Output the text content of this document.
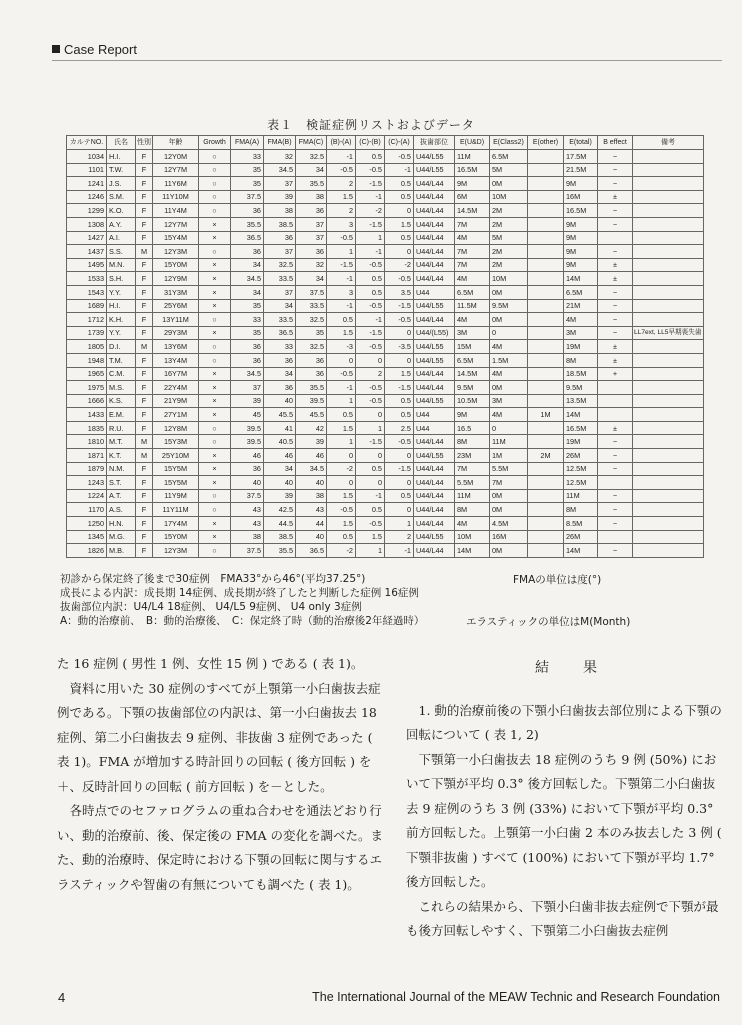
Case Report
表１　検証症例リストおよびデータ
カルテNO.	氏名	性別	年齢	Growth	FMA(A)	FMA(B)	FMA(C)	(B)-(A)	(C)-(B)	(C)-(A)	抜歯部位	E(U&D)	E(Class2)	E(other)	E(total)	B effect	備考
1034	H.I.	F	12Y0M	○	33	32	32.5	-1	0.5	-0.5	U44/L55	11M	6.5M		17.5M	−	
1101	T.W.	F	12Y7M	○	35	34.5	34	-0.5	-0.5	-1	U44/L55	16.5M	5M		21.5M	−	
1241	J.S.	F	11Y6M	○	35	37	35.5	2	-1.5	0.5	U44/L44	9M	0M		9M	−	
1246	S.M.	F	11Y10M	○	37.5	39	38	1.5	-1	0.5	U44/L44	6M	10M		16M	±	
1299	K.O.	F	11Y4M	○	36	38	36	2	-2	0	U44/L44	14.5M	2M		16.5M	−	
1308	A.Y.	F	12Y7M	×	35.5	38.5	37	3	-1.5	1.5	U44/L44	7M	2M		9M	−	
1427	A.I.	F	15Y4M	×	36.5	36	37	-0.5	1	0.5	U44/L44	4M	5M		9M		
1437	S.S.	M	12Y3M	○	36	37	36	1	-1	0	U44/L44	7M	2M		9M	−	
1495	M.N.	F	15Y0M	×	34	32.5	32	-1.5	-0.5	-2	U44/L44	7M	2M		9M	±	
1533	S.H.	F	12Y9M	×	34.5	33.5	34	-1	0.5	-0.5	U44/L44	4M	10M		14M	±	
1543	Y.Y.	F	31Y3M	×	34	37	37.5	3	0.5	3.5	U44	6.5M	0M		6.5M	−	
1689	H.I.	F	25Y6M	×	35	34	33.5	-1	-0.5	-1.5	U44/L55	11.5M	9.5M		21M	−	
1712	K.H.	F	13Y11M	○	33	33.5	32.5	0.5	-1	-0.5	U44/L44	4M	0M		4M	−	
1739	Y.Y.	F	29Y3M	×	35	36.5	35	1.5	-1.5	0	U44/(L55)	3M	0		3M	−	LL7ext, LL5早期喪失歯
1805	D.I.	M	13Y6M	○	36	33	32.5	-3	-0.5	-3.5	U44/L55	15M	4M		19M	±	
1948	T.M.	F	13Y4M	○	36	36	36	0	0	0	U44/L55	6.5M	1.5M		8M	±	
1965	C.M.	F	16Y7M	×	34.5	34	36	-0.5	2	1.5	U44/L44	14.5M	4M		18.5M	+	
1975	M.S.	F	22Y4M	×	37	36	35.5	-1	-0.5	-1.5	U44/L44	9.5M	0M		9.5M		
1666	K.S.	F	21Y9M	×	39	40	39.5	1	-0.5	0.5	U44/L55	10.5M	3M		13.5M		
1433	E.M.	F	27Y1M	×	45	45.5	45.5	0.5	0	0.5	U44	9M	4M	1M	14M		
1835	R.U.	F	12Y8M	○	39.5	41	42	1.5	1	2.5	U44	16.5	0		16.5M	±	
1810	M.T.	M	15Y3M	○	39.5	40.5	39	1	-1.5	-0.5	U44/L44	8M	11M		19M	−	
1871	K.T.	M	25Y10M	×	46	46	46	0	0	0	U44/L55	23M	1M	2M	26M	−	
1879	N.M.	F	15Y5M	×	36	34	34.5	-2	0.5	-1.5	U44/L44	7M	5.5M		12.5M	−	
1243	S.T.	F	15Y5M	×	40	40	40	0	0	0	U44/L44	5.5M	7M		12.5M		
1224	A.T.	F	11Y9M	○	37.5	39	38	1.5	-1	0.5	U44/L44	11M	0M		11M	−	
1170	A.S.	F	11Y11M	○	43	42.5	43	-0.5	0.5	0	U44/L44	8M	0M		8M	−	
1250	H.N.	F	17Y4M	×	43	44.5	44	1.5	-0.5	1	U44/L44	4M	4.5M		8.5M	−	
1345	M.G.	F	15Y0M	×	38	38.5	40	0.5	1.5	2	U44/L55	10M	16M		26M		
1826	M.B.	F	12Y3M	○	37.5	35.5	36.5	-2	1	-1	U44/L44	14M	0M		14M	−	
初診から保定終了後まで30症例　FMA33°から46°(平均37.25°)
成長による内訳：成長期 14症例、成長期が終了したと判断した症例 16症例
抜歯部位内訳：U4/L4 18症例、 U4/L5 9症例、 U4 only 3症例
A：動的治療前、　B：動的治療後、　C：保定終了時（動的治療後2年経過時）
FMAの単位は度(°)
エラスティックの単位はM(Month)

た 16 症例 ( 男性 1 例、女性 15 例 ) である ( 表 1)。

資料に用いた 30 症例のすべてが上顎第一小臼歯抜去症例である。下顎の抜歯部位の内訳は、第一小臼歯抜去 18 症例、第二小臼歯抜去 9 症例、非抜歯 3 症例であった ( 表 1)。FMA が増加する時計回りの回転 ( 後方回転 ) を＋、反時計回りの回転 ( 前方回転 ) を－とした。

各時点でのセファログラムの重ね合わせを通法どおり行い、動的治療前、後、保定後の FMA の変化を調べた。また、動的治療時、保定時における下顎の回転に関与するエラスティックや智歯の有無についても調べた ( 表 1)。

結果

1. 動的治療前後の下顎小臼歯抜去部位別による下顎の回転について ( 表 1, 2)

下顎第一小臼歯抜去 18 症例のうち 9 例 (50%) において下顎が平均 0.3° 後方回転した。下顎第二小臼歯抜去 9 症例のうち 3 例 (33%) において下顎が平均 0.3° 前方回転した。上顎第一小臼歯 2 本のみ抜去した 3 例 ( 下顎非抜歯 ) すべて (100%) において下顎が平均 1.7° 後方回転した。

これらの結果から、下顎小臼歯非抜去症例で下顎が最も後方回転しやすく、下顎第二小臼歯抜去症例

4	The International Journal of the MEAW Technic and Research Foundation
